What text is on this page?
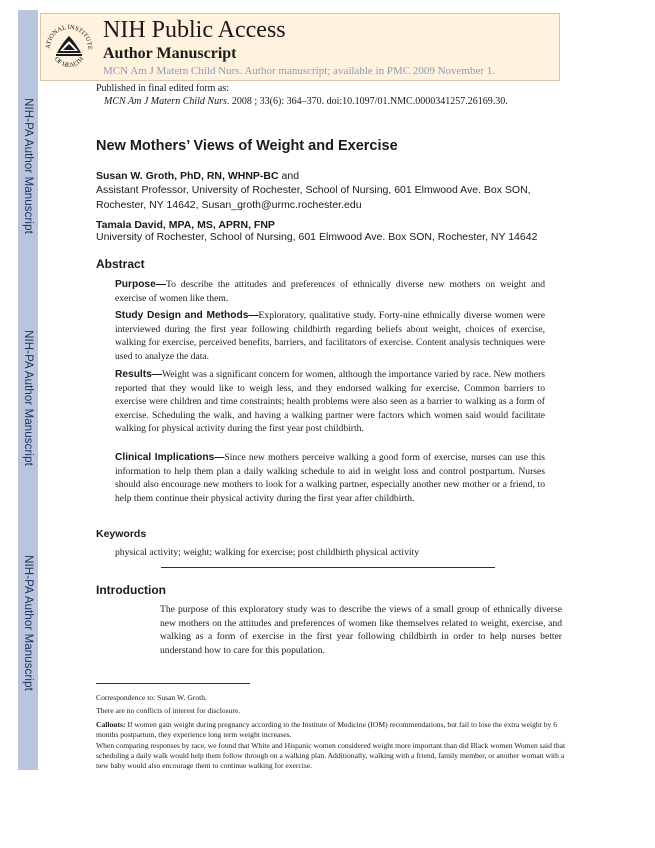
NIH-PA Author Manuscript
NIH-PA Author Manuscript
NIH-PA Author Manuscript
ATIONAL INSTITUTE
OF HEALTH
NIH Public Access
Author Manuscript
MCN Am J Matern Child Nurs. Author manuscript; available in PMC 2009 November 1.
Published in final edited form as:
MCN Am J Matern Child Nurs. 2008 ; 33(6): 364–370. doi:10.1097/01.NMC.0000341257.26169.30.
New Mothers’ Views of Weight and Exercise
Susan W. Groth, PhD, RN, WHNP-BC and
Assistant Professor, University of Rochester, School of Nursing, 601 Elmwood Ave. Box SON, Rochester, NY 14642, Susan_groth@urmc.rochester.edu
Tamala David, MPA, MS, APRN, FNP
University of Rochester, School of Nursing, 601 Elmwood Ave. Box SON, Rochester, NY 14642
Abstract
Purpose—To describe the attitudes and preferences of ethnically diverse new mothers on weight and exercise of women like them.
Study Design and Methods—Exploratory, qualitative study. Forty-nine ethnically diverse women were interviewed during the first year following childbirth regarding beliefs about weight, choices of exercise, walking for exercise, perceived benefits, barriers, and facilitators of exercise. Content analysis techniques were used to analyze the data.
Results—Weight was a significant concern for women, although the importance varied by race. New mothers reported that they would like to weigh less, and they endorsed walking for exercise. Common barriers to exercise were children and time constraints; health problems were also seen as a barrier to walking as a form of exercise. Scheduling the walk, and having a walking partner were factors which women said would facilitate walking for physical activity during the first year post childbirth.
Clinical Implications—Since new mothers perceive walking a good form of exercise, nurses can use this information to help them plan a daily walking schedule to aid in weight loss and control postpartum. Nurses should also encourage new mothers to look for a walking partner, especially another new mother or a friend, to help them continue their physical activity during the first year after childbirth.
Keywords
physical activity; weight; walking for exercise; post childbirth physical activity
Introduction
The purpose of this exploratory study was to describe the views of a small group of ethnically diverse new mothers on the attitudes and preferences of women like themselves related to weight, exercise, and walking as a form of exercise in the first year following childbirth in order to help nurses better understand how to care for this population.
Correspondence to: Susan W. Groth.
There are no conflicts of interest for disclosure.
Callouts: If women gain weight during pregnancy according to the Institute of Medicine (IOM) recommendations, but fail to lose the extra weight by 6 months postpartum, they experience long term weight increases.
When comparing responses by race, we found that White and Hispanic women considered weight more important than did Black women Women said that scheduling a daily walk would help them follow through on a walking plan. Additionally, walking with a friend, family member, or another woman with a new baby would also encourage them to continue walking for exercise.
